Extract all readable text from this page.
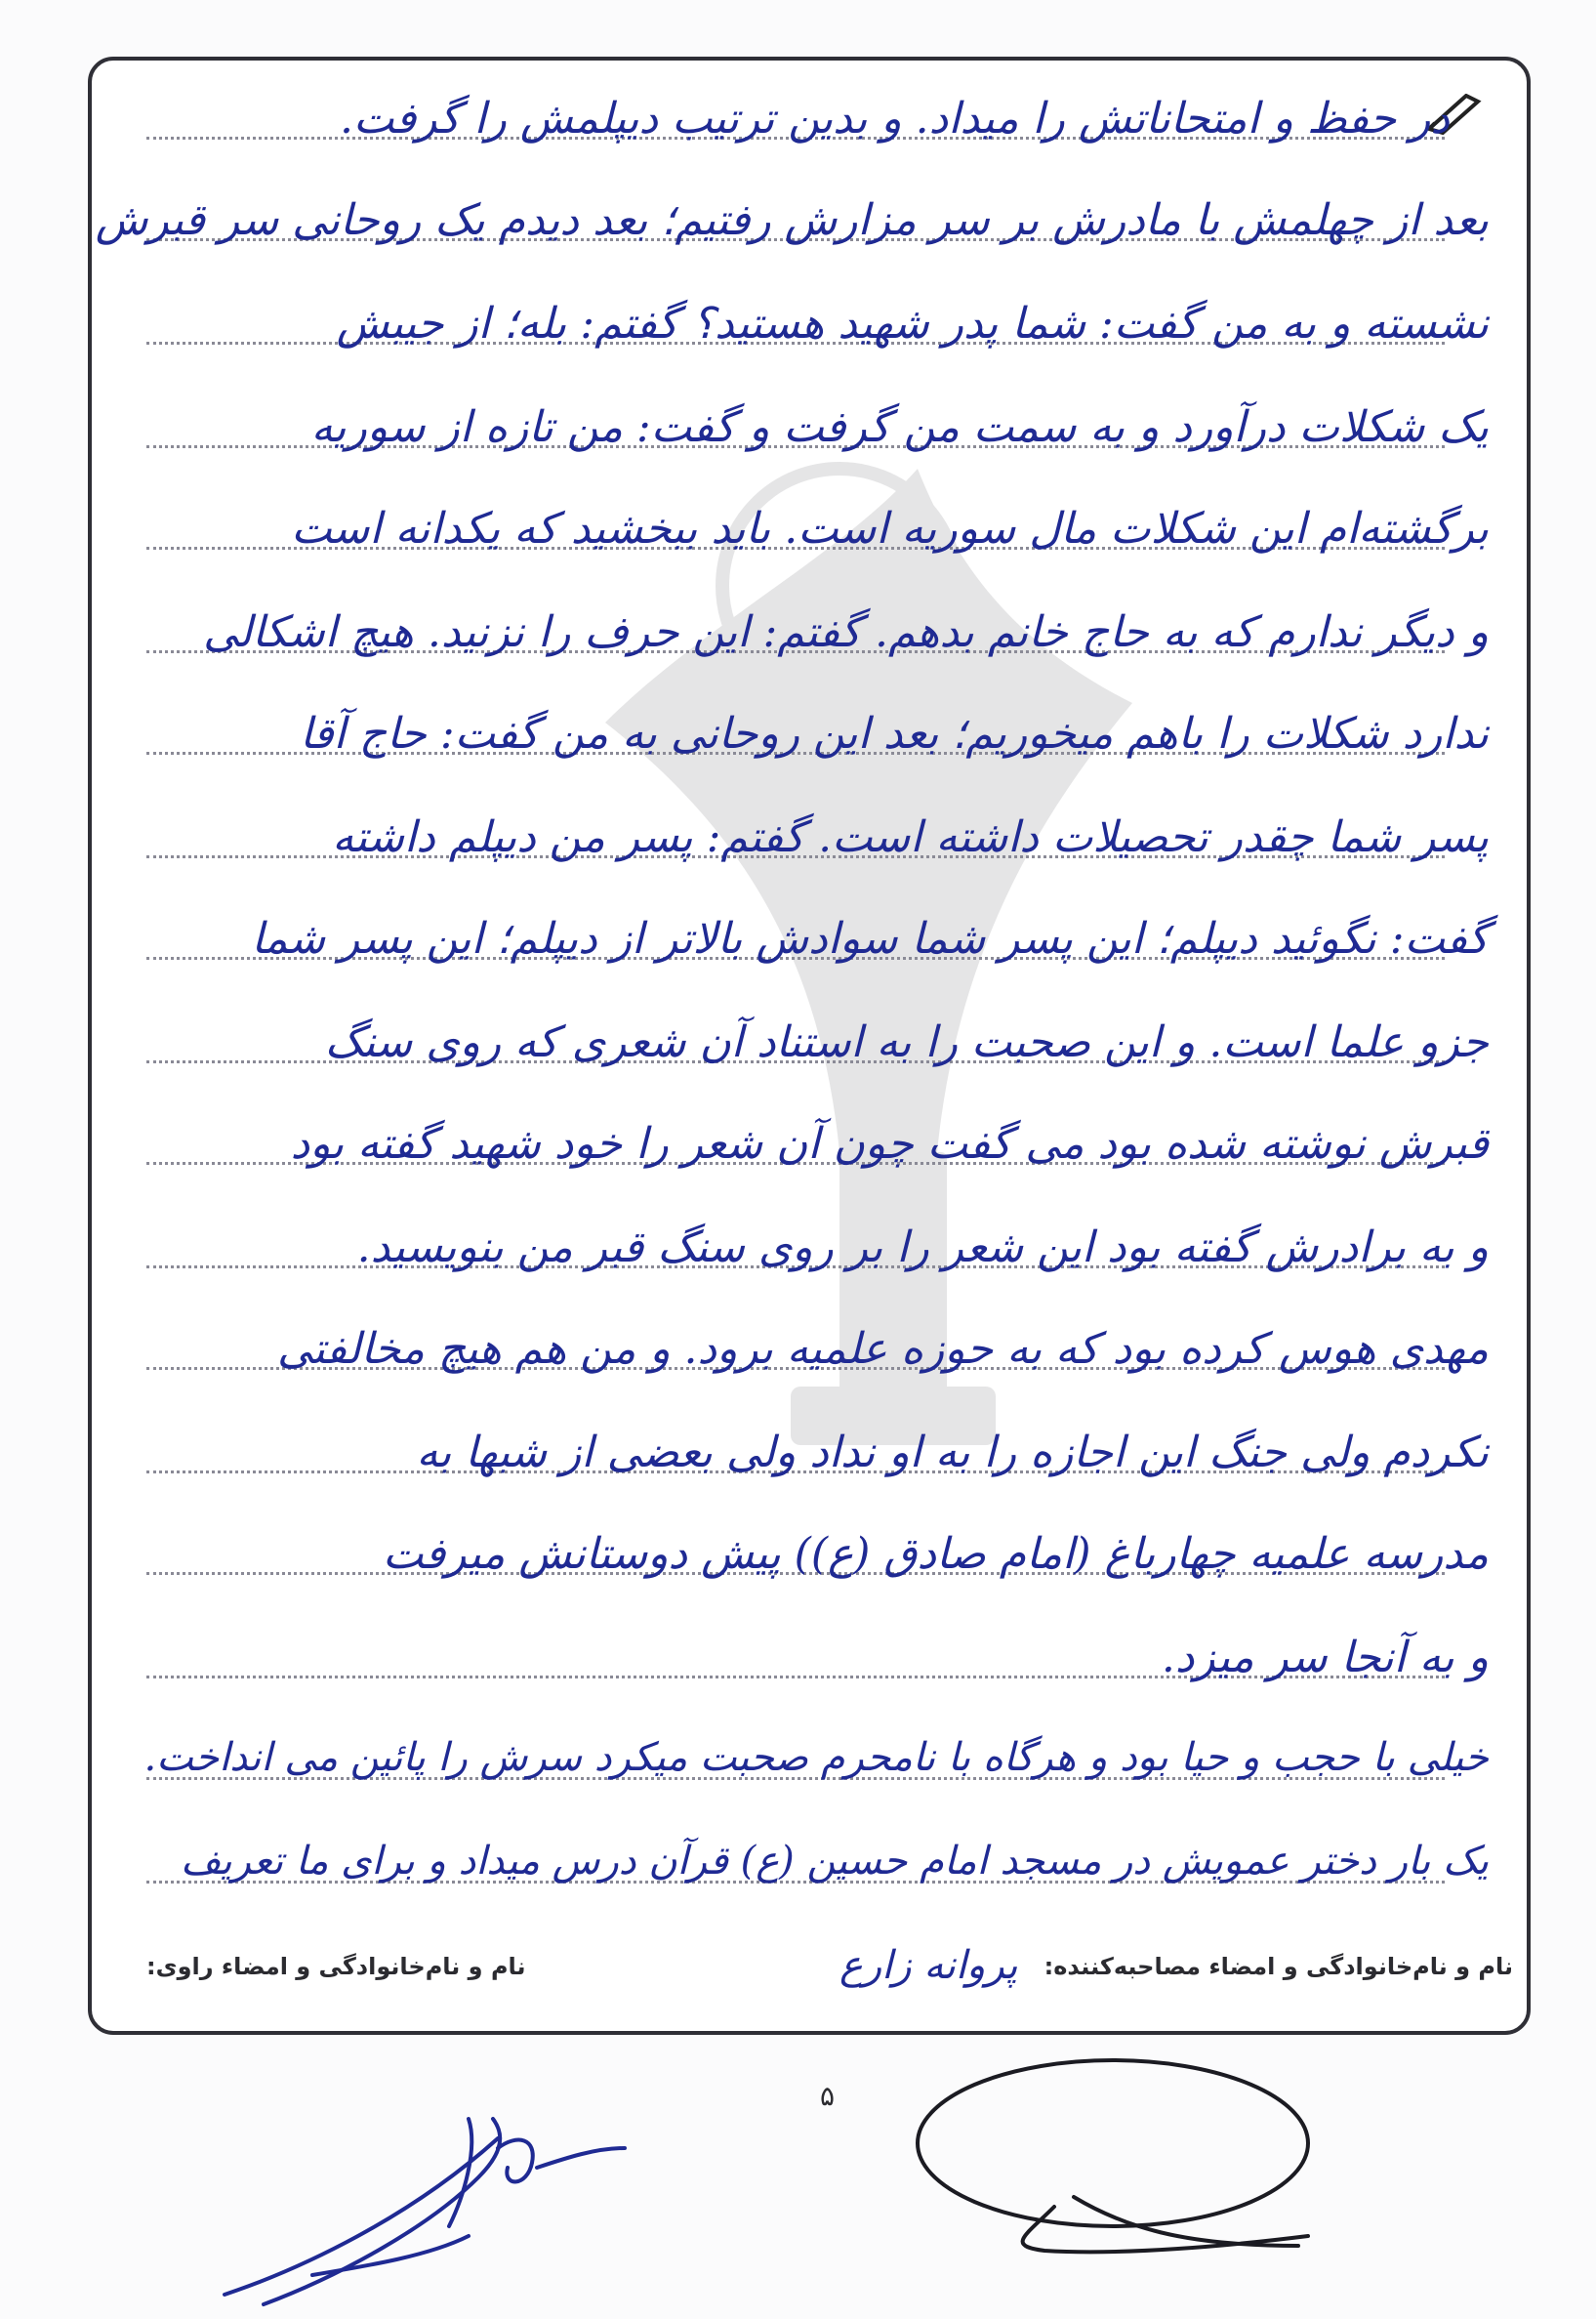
در حفظ و امتحاناتش را میداد. و بدین ترتیب دیپلمش را گرفت.
بعد از چهلمش با مادرش بر سر مزارش رفتیم؛ بعد دیدم یک روحانی سر قبرش
نشسته و به من گفت: شما پدر شهید هستید؟ گفتم: بله؛ از جیبش
یک شکلات درآورد و به سمت من گرفت و گفت: من تازه از سوریه
برگشته‌ام این شکلات مال سوریه است. باید ببخشید که یکدانه است
و دیگر ندارم که به حاج خانم بدهم. گفتم: این حرف را نزنید. هیچ اشکالی
ندارد شکلات را باهم میخوریم؛ بعد این روحانی به من گفت: حاج آقا
پسر شما چقدر تحصیلات داشته است. گفتم: پسر من دیپلم داشته
گفت: نگوئید دیپلم؛ این پسر شما سوادش بالاتر از دیپلم؛ این پسر شما
جزو علما است. و این صحبت را به استناد آن شعری که روی سنگ
قبرش نوشته شده بود می گفت چون آن شعر را خود شهید گفته بود
و به برادرش گفته بود این شعر را بر روی سنگ قبر من بنویسید.
مهدی هوس کرده بود که به حوزه علمیه برود. و من هم هیچ مخالفتی
نکردم ولی جنگ این اجازه را به او نداد ولی بعضی از شبها به
مدرسه علمیه چهارباغ (امام صادق (ع)) پیش دوستانش میرفت
و به آنجا سر میزد.
خیلی با حجب و حیا بود و هرگاه با نامحرم صحبت میکرد سرش را پائین می انداخت.
یک بار دختر عمویش در مسجد امام حسین (ع) قرآن درس میداد و برای ما تعریف
نام و نام‌خانوادگی و امضاء مصاحبه‌کننده:
نام و نام‌خانوادگی و امضاء راوی:	پروانه زارع
۵
